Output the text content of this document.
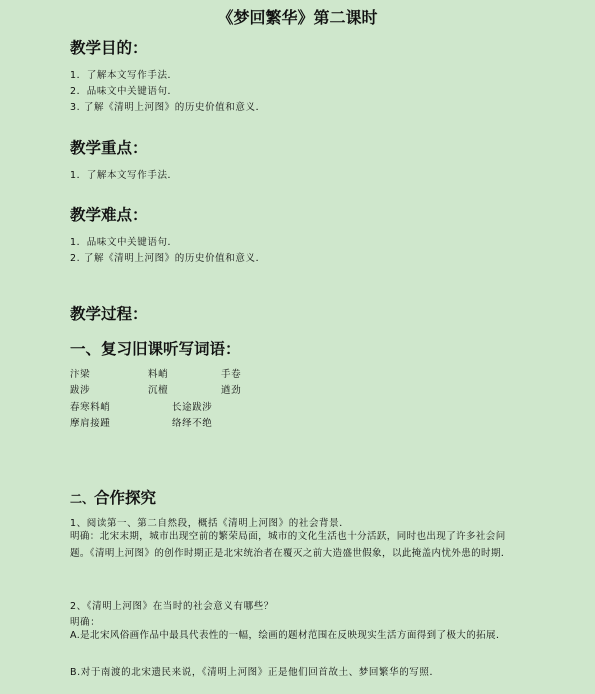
《梦回繁华》第二课时
教学目的：
1．了解本文写作手法．
2．品味文中关键语句．
3. 了解《清明上河图》的历史价值和意义．
教学重点：
1．了解本文写作手法．
教学难点：
1．品味文中关键语句．
2. 了解《清明上河图》的历史价值和意义．
教学过程：
一、复习旧课听写词语：
汴梁	料峭	手卷
跋涉	沉檀	遒劲
春寒料峭	长途跋涉
摩肩接踵	络绎不绝
二、合作探究
1、阅读第一、第二自然段，概括《清明上河图》的社会背景．
明确：北宋末期，城市出现空前的繁荣局面，城市的文化生活也十分活跃，同时也出现了许多社会问题。《清明上河图》的创作时期正是北宋统治者在覆灭之前大造盛世假象，以此掩盖内忧外患的时期．
2、《清明上河图》在当时的社会意义有哪些？
明确：
A.是北宋风俗画作品中最具代表性的一幅，绘画的题材范围在反映现实生活方面得到了极大的拓展．
B.对于南渡的北宋遗民来说，《清明上河图》正是他们回首故土、梦回繁华的写照．
